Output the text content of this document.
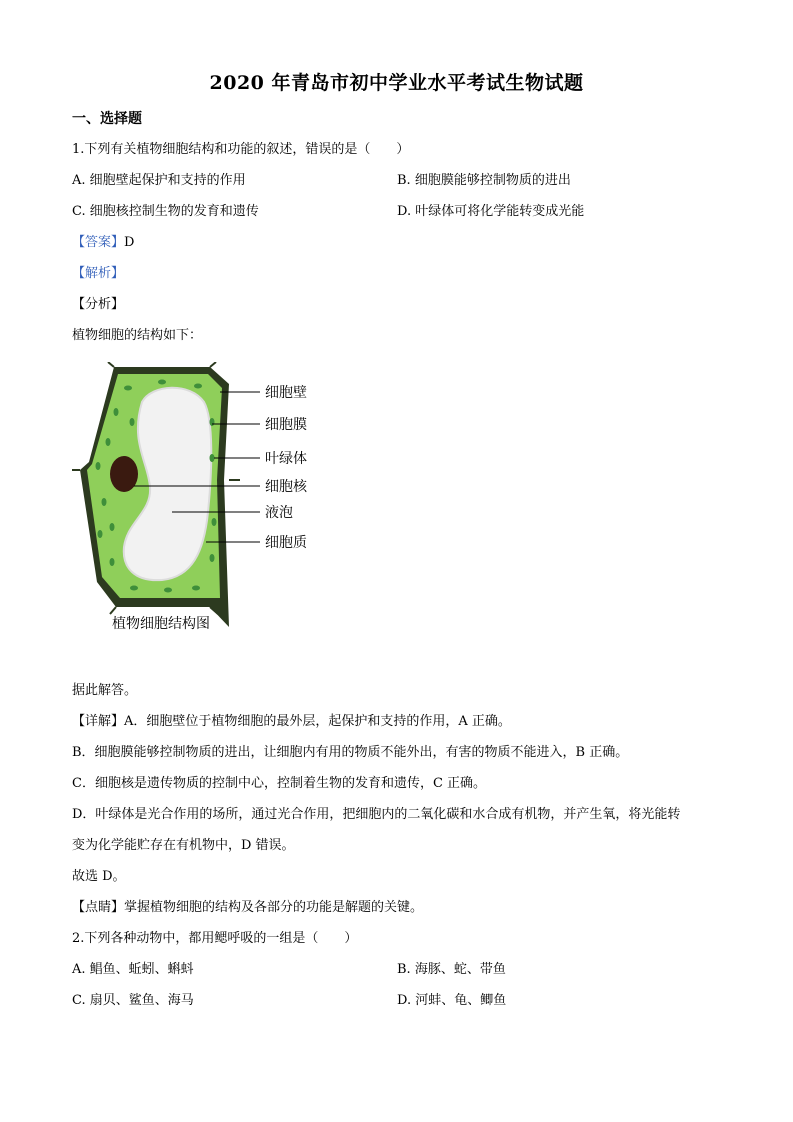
2020 年青岛市初中学业水平考试生物试题
一、选择题
1.下列有关植物细胞结构和功能的叙述，错误的是（　　）
A. 细胞壁起保护和支持的作用	B. 细胞膜能够控制物质的进出
C. 细胞核控制生物的发育和遗传	D. 叶绿体可将化学能转变成光能
【答案】D
【解析】
【分析】
植物细胞的结构如下：
细胞壁
细胞膜
叶绿体
细胞核
液泡
细胞质
植物细胞结构图
据此解答。
【详解】A．细胞壁位于植物细胞的最外层，起保护和支持的作用，A 正确。
B．细胞膜能够控制物质的进出，让细胞内有用的物质不能外出，有害的物质不能进入，B 正确。
C．细胞核是遗传物质的控制中心，控制着生物的发育和遗传，C 正确。
D．叶绿体是光合作用的场所，通过光合作用，把细胞内的二氧化碳和水合成有机物，并产生氧，将光能转
变为化学能贮存在有机物中，D 错误。
故选 D。
【点睛】掌握植物细胞的结构及各部分的功能是解题的关键。
2.下列各种动物中，都用鳃呼吸的一组是（　　）
A. 鲳鱼、蚯蚓、蝌蚪	B. 海豚、蛇、带鱼
C. 扇贝、鲨鱼、海马	D. 河蚌、龟、鲫鱼
